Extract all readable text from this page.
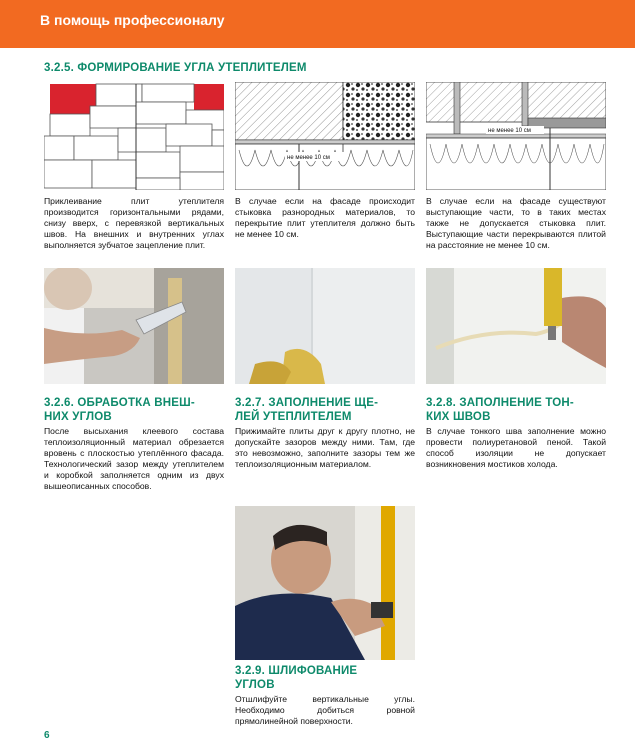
В помощь профессионалу
3.2.5. ФОРМИРОВАНИЕ УГЛА УТЕПЛИТЕЛЕМ
не менее 10 см
не менее 10 см
Приклеивание плит утеплителя производится горизонтальными рядами, снизу вверх, с перевязкой вертикальных швов. На внешних и внутренних углах выполняется зубчатое зацепление плит.
В случае если на фасаде происходит стыковка разнородных материалов, то перекрытие плит утеплителя должно быть не менее 10 см.
В случае если на фасаде существуют выступающие части, то в таких местах также не допускается стыковка плит. Выступающие части перекрываются плитой на расстояние не менее 10 см.
3.2.6. ОБРАБОТКА ВНЕШ-
НИХ УГЛОВ
3.2.7. ЗАПОЛНЕНИЕ ЩЕ-
ЛЕЙ УТЕПЛИТЕЛЕМ
3.2.8. ЗАПОЛНЕНИЕ ТОН-
КИХ ШВОВ
После высыхания клеевого состава теплоизоляционный материал обрезается вровень с плоскостью утеплённого фасада. Технологический зазор между утеплителем и коробкой заполняется одним из двух вышеописанных способов.
Прижимайте плиты друг к другу плотно, не допускайте зазоров между ними. Там, где это невозможно, заполните зазоры тем же теплоизоляционным материалом.
В случае тонкого шва заполнение можно провести полиуретановой пеной. Такой способ изоляции не допускает возникновения мостиков холода.
3.2.9. ШЛИФОВАНИЕ
УГЛОВ
Отшлифуйте вертикальные углы. Необходимо добиться ровной прямолинейной поверхности.
6
